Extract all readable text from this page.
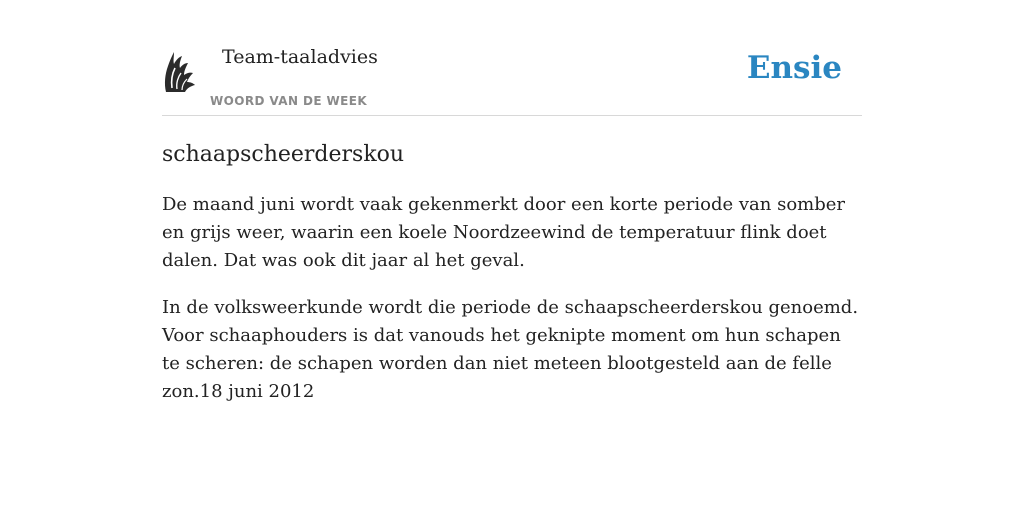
Team-taaladvies
WOORD VAN DE WEEK
Ensie
schaapscheerderskou

De maand juni wordt vaak gekenmerkt door een korte periode van somber en grijs weer, waarin een koele Noordzeewind de temperatuur flink doet dalen. Dat was ook dit jaar al het geval.

In de volksweerkunde wordt die periode de schaapscheerderskou genoemd. Voor schaaphouders is dat vanouds het geknipte moment om hun schapen te scheren: de schapen worden dan niet meteen blootgesteld aan de felle zon.18 juni 2012
